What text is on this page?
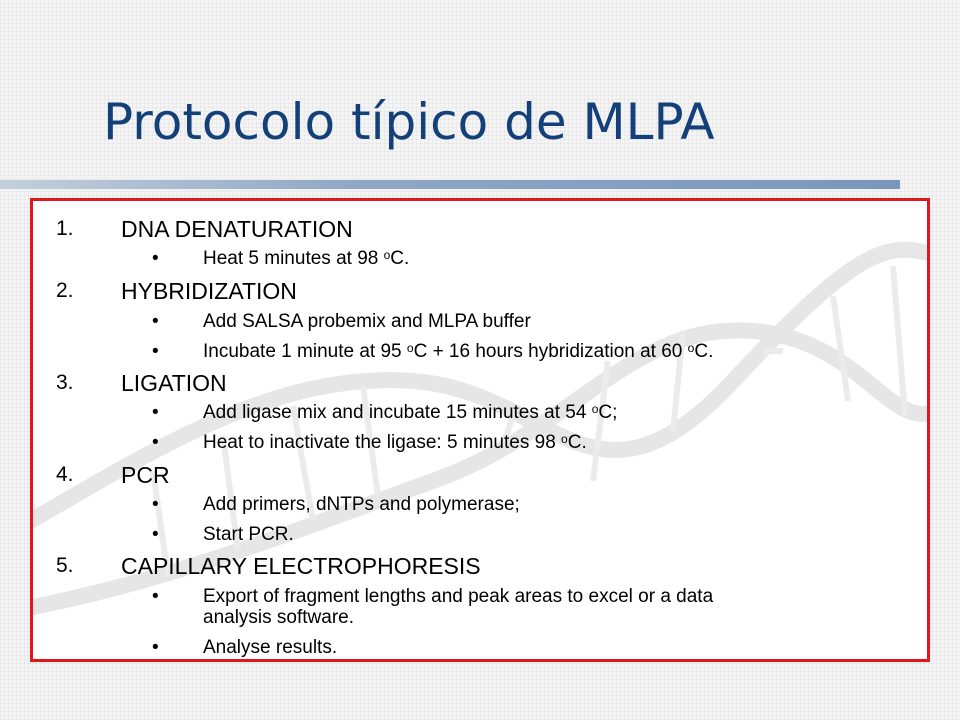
Protocolo típico de MLPA
1. DNA DENATURATION
• Heat 5 minutes at 98 $^o$C.
2. HYBRIDIZATION
• Add SALSA probemix and MLPA buffer
• Incubate 1 minute at 95 $^o$C + 16 hours hybridization at 60 $^o$C.
3. LIGATION
• Add ligase mix and incubate 15 minutes at 54 $^o$C;
• Heat to inactivate the ligase: 5 minutes 98 $^o$C.
4. PCR
• Add primers, dNTPs and polymerase;
• Start PCR.
5. CAPILLARY ELECTROPHORESIS
• Export of fragment lengths and peak areas to excel or a data
analysis software.
• Analyse results.
